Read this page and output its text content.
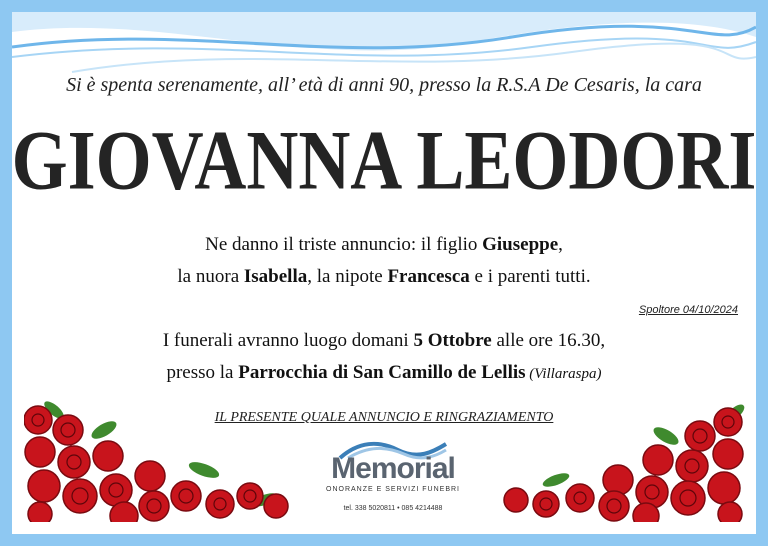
Si è spenta serenamente, all’ età di anni 90, presso la R.S.A De Cesaris, la cara
GIOVANNA LEODORI
Ne danno il triste annuncio: il figlio Giuseppe,
la nuora Isabella, la nipote Francesca e i parenti tutti.
Spoltore 04/10/2024
I funerali avranno luogo domani 5 Ottobre alle ore 16.30,
presso la Parrocchia di San Camillo de Lellis (Villaraspa)
IL PRESENTE QUALE ANNUNCIO E RINGRAZIAMENTO
Memorial
ONORANZE E SERVIZI FUNEBRI
tel. 338 5020811 • 085 4214488
